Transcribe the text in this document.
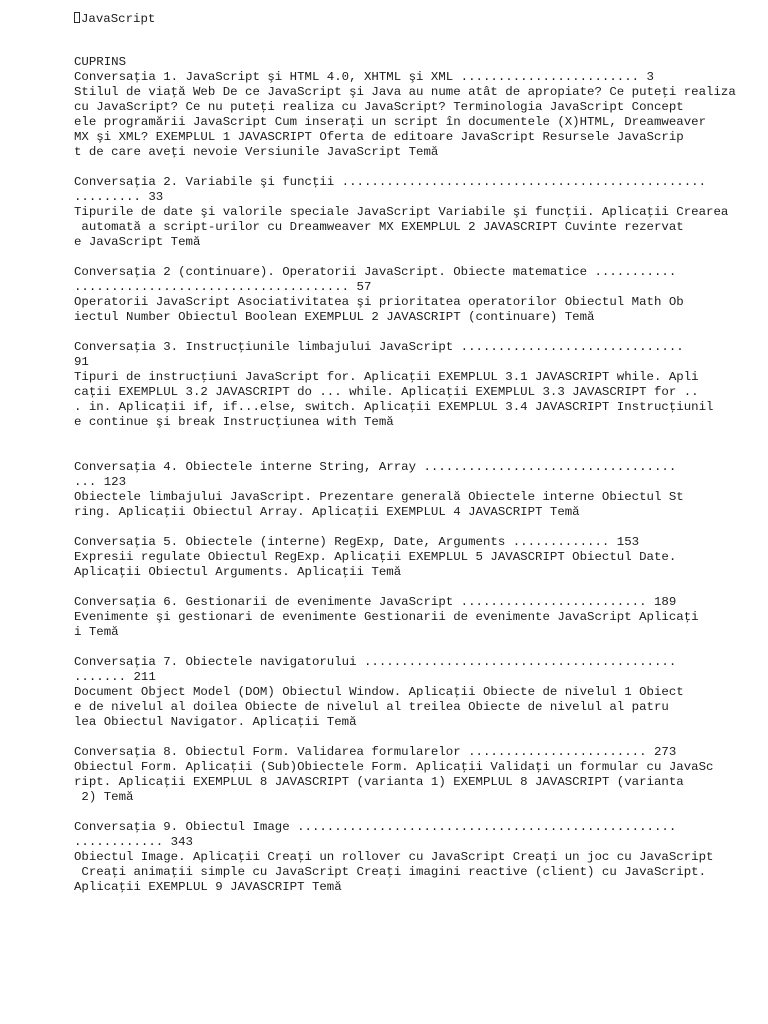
JavaScript
CUPRINS
Conversaţia 1. JavaScript şi HTML 4.0, XHTML şi XML ........................ 3
Stilul de viaţă Web De ce JavaScript şi Java au nume atât de apropiate? Ce puteţi realiza
cu JavaScript? Ce nu puteţi realiza cu JavaScript? Terminologia JavaScript Concept
ele programării JavaScript Cum inseraţi un script în documentele (X)HTML, Dreamweaver
MX şi XML? EXEMPLUL 1 JAVASCRIPT Oferta de editoare JavaScript Resursele JavaScrip
t de care aveţi nevoie Versiunile JavaScript Temă
Conversaţia 2. Variabile şi funcţii .................................................
......... 33
Tipurile de date şi valorile speciale JavaScript Variabile şi funcţii. Aplicaţii Crearea
automată a script-urilor cu Dreamweaver MX EXEMPLUL 2 JAVASCRIPT Cuvinte rezervat
e JavaScript Temă
Conversaţia 2 (continuare). Operatorii JavaScript. Obiecte matematice ...........
..................................... 57
Operatorii JavaScript Asociativitatea şi prioritatea operatorilor Obiectul Math Ob
iectul Number Obiectul Boolean EXEMPLUL 2 JAVASCRIPT (continuare) Temă
Conversaţia 3. Instrucţiunile limbajului JavaScript ..............................
91
Tipuri de instrucţiuni JavaScript for. Aplicaţii EXEMPLUL 3.1 JAVASCRIPT while. Apli
caţii EXEMPLUL 3.2 JAVASCRIPT do ... while. Aplicaţii EXEMPLUL 3.3 JAVASCRIPT for ..
. in. Aplicaţii if, if...else, switch. Aplicaţii EXEMPLUL 3.4 JAVASCRIPT Instrucţiunil
e continue şi break Instrucţiunea with Temă
Conversaţia 4. Obiectele interne String, Array ..................................
... 123
Obiectele limbajului JavaScript. Prezentare generală Obiectele interne Obiectul St
ring. Aplicaţii Obiectul Array. Aplicaţii EXEMPLUL 4 JAVASCRIPT Temă
Conversaţia 5. Obiectele (interne) RegExp, Date, Arguments ............. 153
Expresii regulate Obiectul RegExp. Aplicaţii EXEMPLUL 5 JAVASCRIPT Obiectul Date.
Aplicaţii Obiectul Arguments. Aplicaţii Temă
Conversaţia 6. Gestionarii de evenimente JavaScript ......................... 189
Evenimente şi gestionari de evenimente Gestionarii de evenimente JavaScript Aplicaţi
i Temă
Conversaţia 7. Obiectele navigatorului ..........................................
....... 211
Document Object Model (DOM) Obiectul Window. Aplicaţii Obiecte de nivelul 1 Obiect
e de nivelul al doilea Obiecte de nivelul al treilea Obiecte de nivelul al patru
lea Obiectul Navigator. Aplicaţii Temă
Conversaţia 8. Obiectul Form. Validarea formularelor ........................ 273
Obiectul Form. Aplicaţii (Sub)Obiectele Form. Aplicaţii Validaţi un formular cu JavaSc
ript. Aplicaţii EXEMPLUL 8 JAVASCRIPT (varianta 1) EXEMPLUL 8 JAVASCRIPT (varianta
2) Temă
Conversaţia 9. Obiectul Image ...................................................
............ 343
Obiectul Image. Aplicaţii Creaţi un rollover cu JavaScript Creaţi un joc cu JavaScript
Creaţi animaţii simple cu JavaScript Creaţi imagini reactive (client) cu JavaScript.
Aplicaţii EXEMPLUL 9 JAVASCRIPT Temă
